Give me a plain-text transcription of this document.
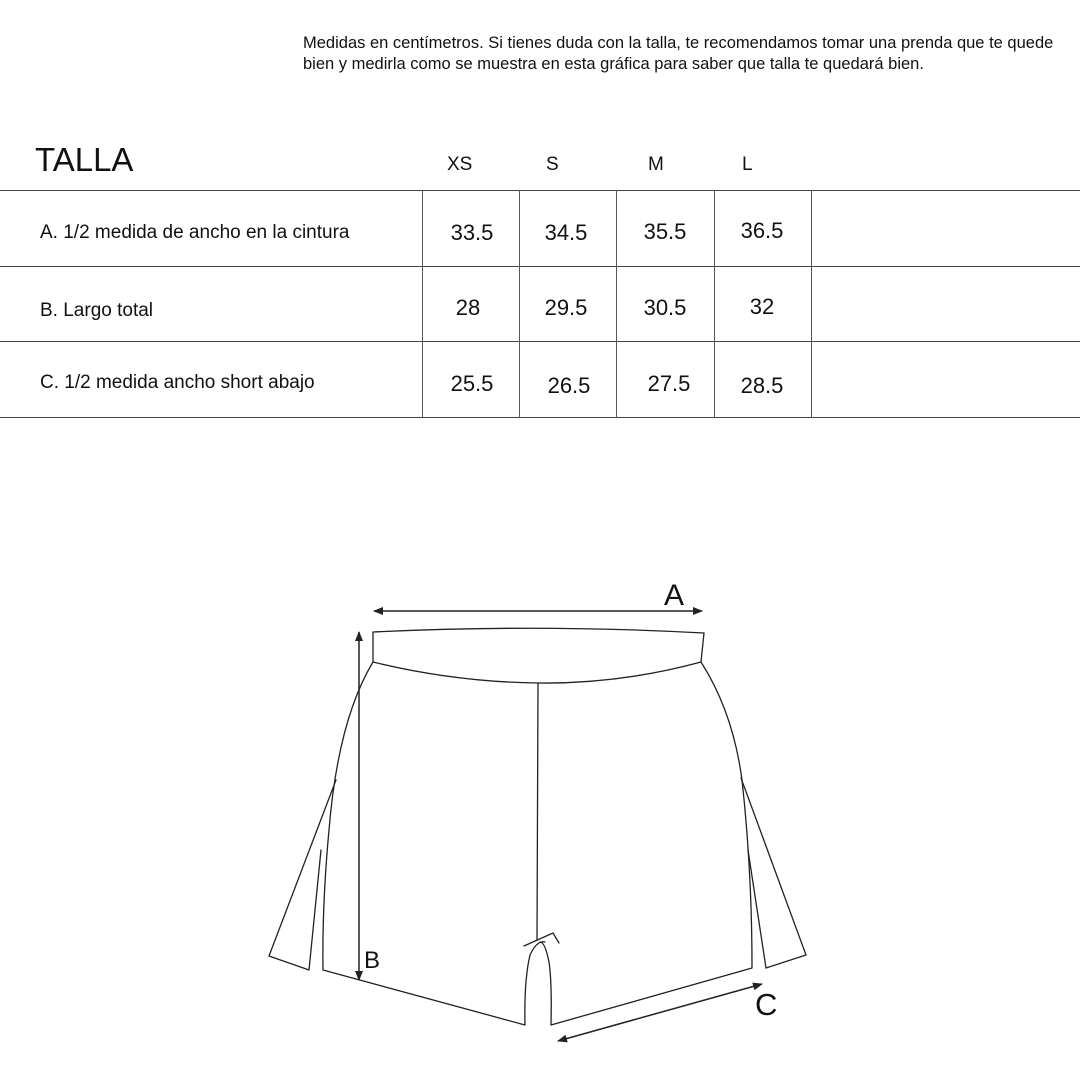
Medidas en centímetros. Si tienes duda con la talla, te recomendamos tomar una prenda que te quede bien y medirla como se muestra en esta gráfica para saber que talla te quedará bien.

TALLA	XS	S	M	L
A. 1/2 medida de ancho en la cintura	33.5	34.5	35.5	36.5
B. Largo total	28	29.5	30.5	32
C. 1/2 medida ancho short abajo	25.5	26.5	27.5	28.5
A
B
C
